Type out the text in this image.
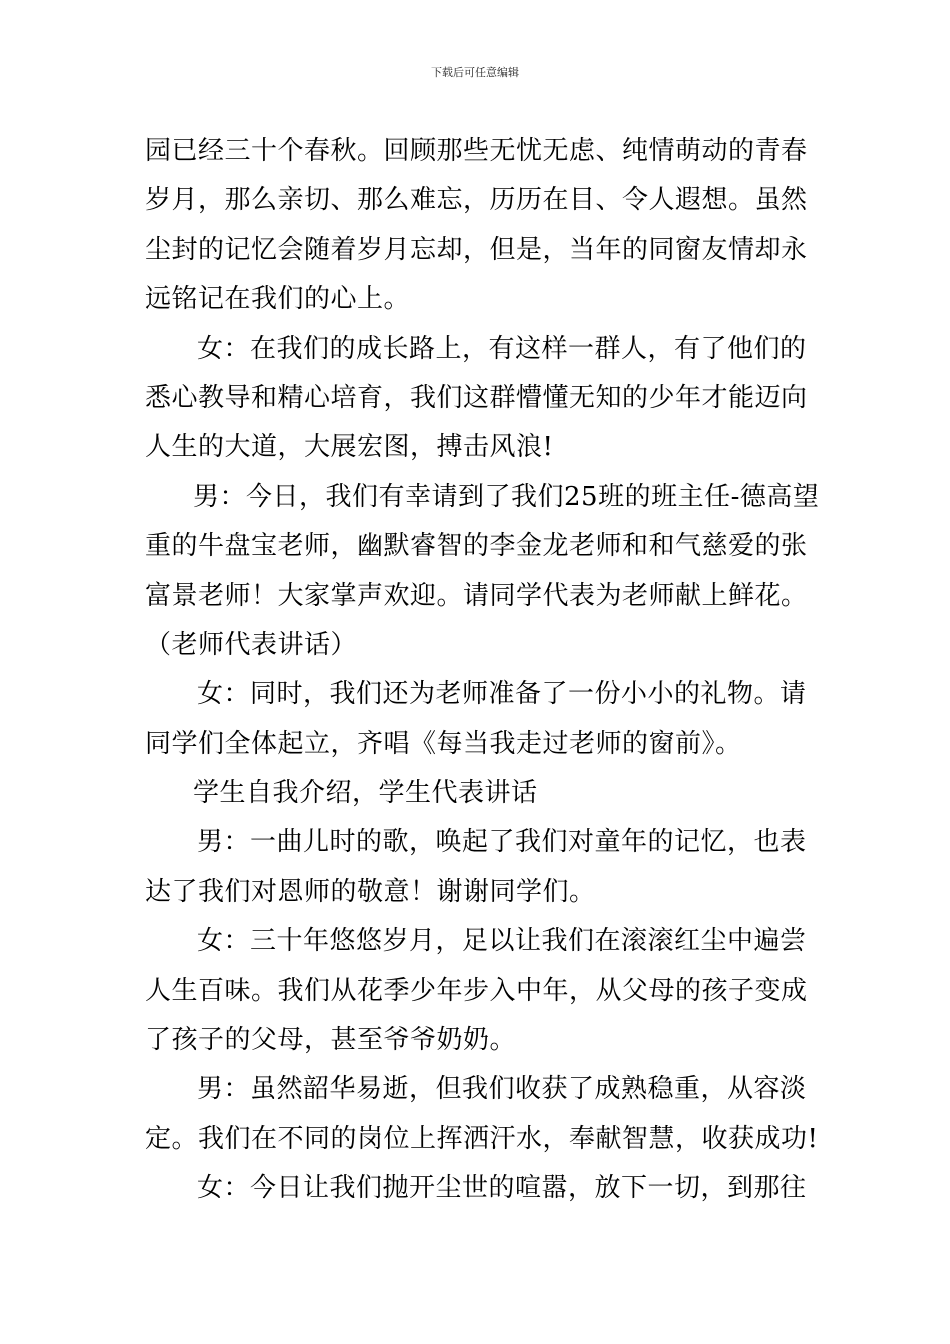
下载后可任意编辑
园已经三十个春秋。回顾那些无忧无虑、纯情萌动的青春
岁月，那么亲切、那么难忘，历历在目、令人遐想。虽然
尘封的记忆会随着岁月忘却，但是，当年的同窗友情却永
远铭记在我们的心上。
女：在我们的成长路上，有这样一群人，有了他们的
悉心教导和精心培育，我们这群懵懂无知的少年才能迈向
人生的大道，大展宏图，搏击风浪!
男：今日，我们有幸请到了我们25班的班主任-德高望
重的牛盘宝老师，幽默睿智的李金龙老师和和气慈爱的张
富景老师！大家掌声欢迎。请同学代表为老师献上鲜花。
（老师代表讲话）
女：同时，我们还为老师准备了一份小小的礼物。请
同学们全体起立，齐唱《每当我走过老师的窗前》。
学生自我介绍，学生代表讲话
男：一曲儿时的歌，唤起了我们对童年的记忆，也表
达了我们对恩师的敬意！谢谢同学们。
女：三十年悠悠岁月，足以让我们在滚滚红尘中遍尝
人生百味。我们从花季少年步入中年，从父母的孩子变成
了孩子的父母，甚至爷爷奶奶。
男：虽然韶华易逝，但我们收获了成熟稳重，从容淡
定。我们在不同的岗位上挥洒汗水，奉献智慧，收获成功!
女：今日让我们抛开尘世的喧嚣，放下一切，到那往
